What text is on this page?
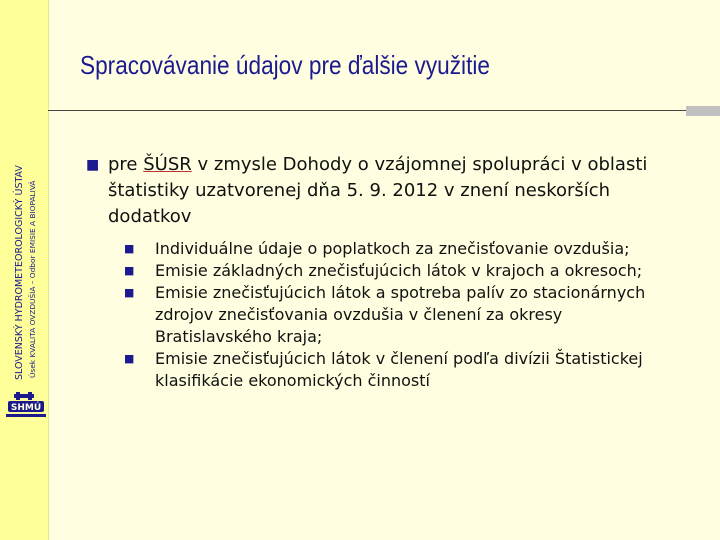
SLOVENSKÝ HYDROMETEOROLOGICKÝ ÚSTAV Úsek KVALITA OVZDUŠIA – Odbor EMISIE A BIOPALIVÁ
SHMÚ
Spracovávanie údajov pre ďalšie využitie
■ pre ŠÚSR v zmysle Dohody o vzájomnej spolupráci v oblasti štatistiky uzatvorenej dňa 5. 9. 2012 v znení neskorších dodatkov
■ Individuálne údaje o poplatkoch za znečisťovanie ovzdušia;
■ Emisie základných znečisťujúcich látok v krajoch a okresoch;
■ Emisie znečisťujúcich látok a spotreba palív zo stacionárnych zdrojov znečisťovania ovzdušia v členení za okresy Bratislavského kraja;
■ Emisie znečisťujúcich látok v členení podľa divízii Štatistickej klasifikácie ekonomických činností
